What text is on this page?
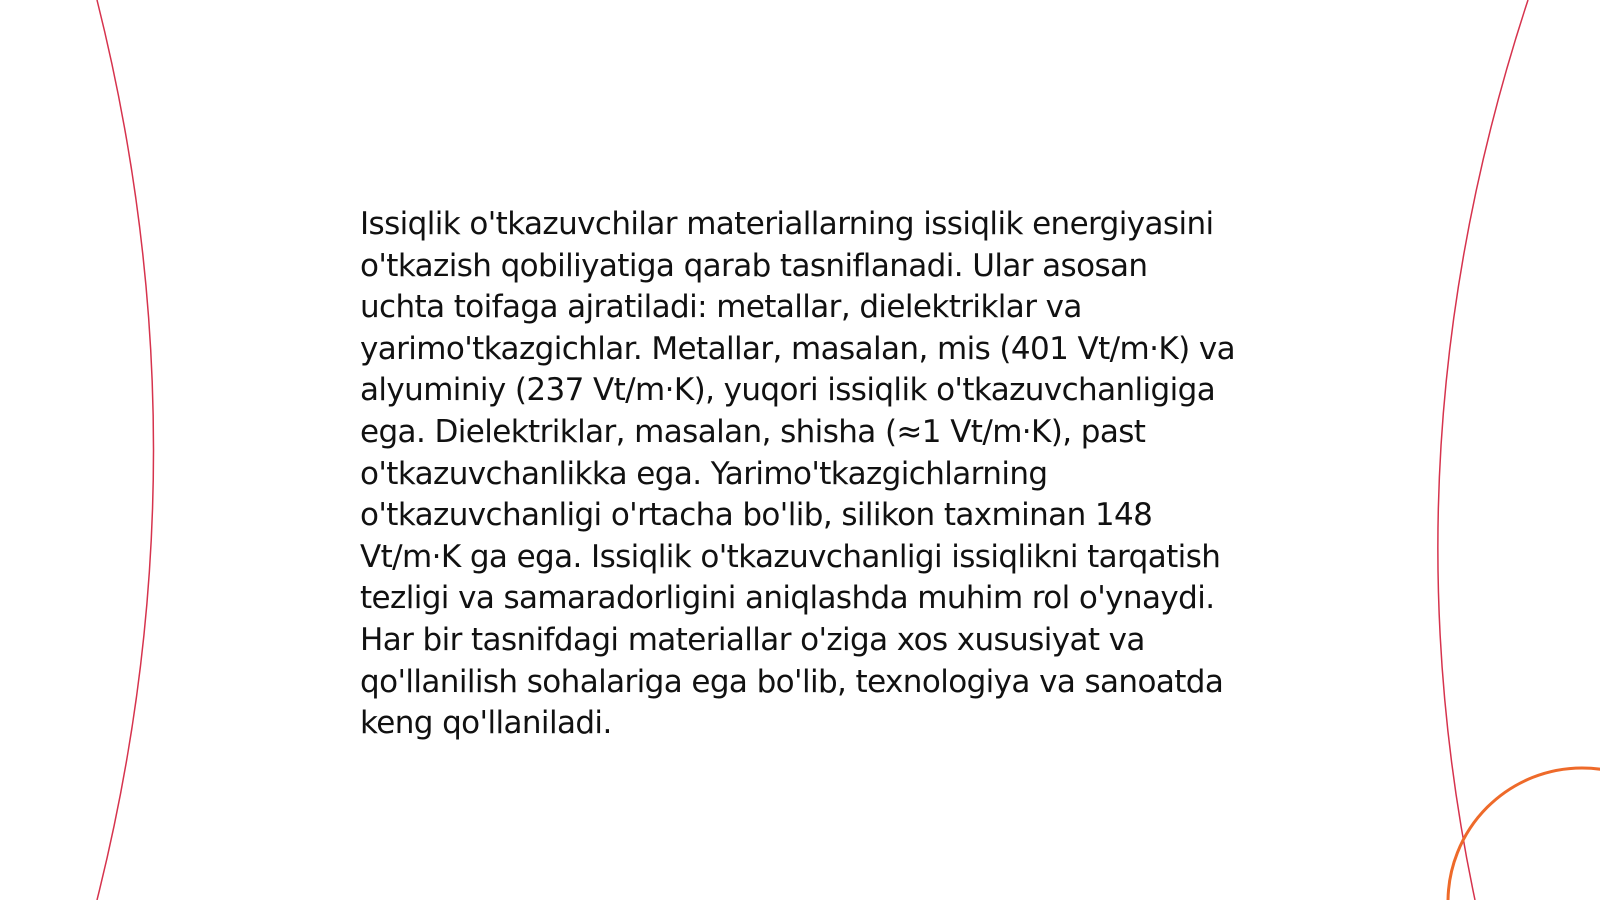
Issiqlik o'tkazuvchilar materiallarning issiqlik energiyasini o'tkazish qobiliyatiga qarab tasniflanadi. Ular asosan uchta toifaga ajratiladi: metallar, dielektriklar va yarimo'tkazgichlar. Metallar, masalan, mis (401 Vt/m·K) va alyuminiy (237 Vt/m·K), yuqori issiqlik o'tkazuvchanligiga ega. Dielektriklar, masalan, shisha (≈1 Vt/m·K), past o'tkazuvchanlikka ega. Yarimo'tkazgichlarning o'tkazuvchanligi o'rtacha bo'lib, silikon taxminan 148 Vt/m·K ga ega. Issiqlik o'tkazuvchanligi issiqlikni tarqatish tezligi va samaradorligini aniqlashda muhim rol o'ynaydi. Har bir tasnifdagi materiallar o'ziga xos xususiyat va qo'llanilish sohalariga ega bo'lib, texnologiya va sanoatda keng qo'llaniladi.
